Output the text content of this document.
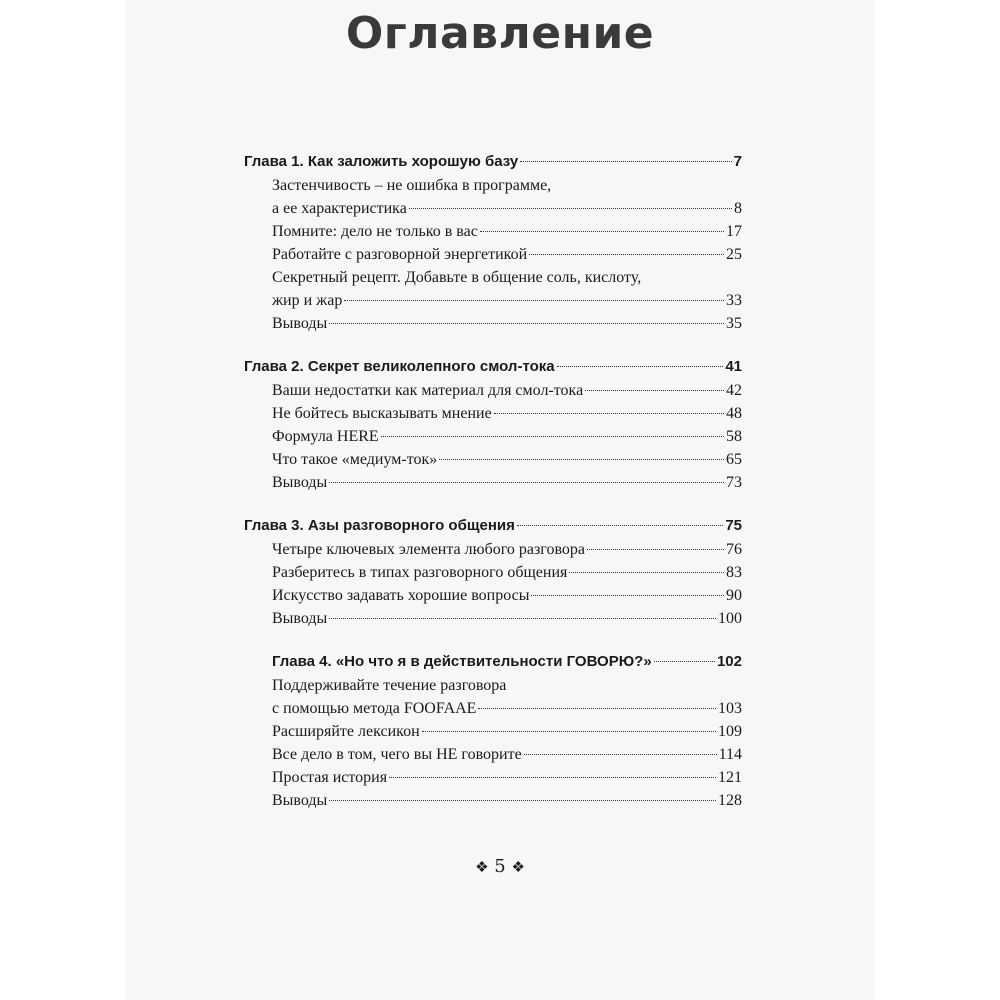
Оглавление
Глава 1. Как заложить хорошую базу	7
Застенчивость – не ошибка в программе,
а ее характеристика	8
Помните: дело не только в вас	17
Работайте с разговорной энергетикой	25
Секретный рецепт. Добавьте в общение соль, кислоту,
жир и жар	33
Выводы	35
Глава 2. Секрет великолепного смол-тока	41
Ваши недостатки как материал для смол-тока	42
Не бойтесь высказывать мнение	48
Формула HERE	58
Что такое «медиум-ток»	65
Выводы	73
Глава 3. Азы разговорного общения	75
Четыре ключевых элемента любого разговора	76
Разберитесь в типах разговорного общения	83
Искусство задавать хорошие вопросы	90
Выводы	100
Глава 4. «Но что я в действительности ГОВОРЮ?»	102
Поддерживайте течение разговора
с помощью метода FOOFAAE	103
Расширяйте лексикон	109
Все дело в том, чего вы НЕ говорите	114
Простая история	121
Выводы	128
❖ 5 ❖
